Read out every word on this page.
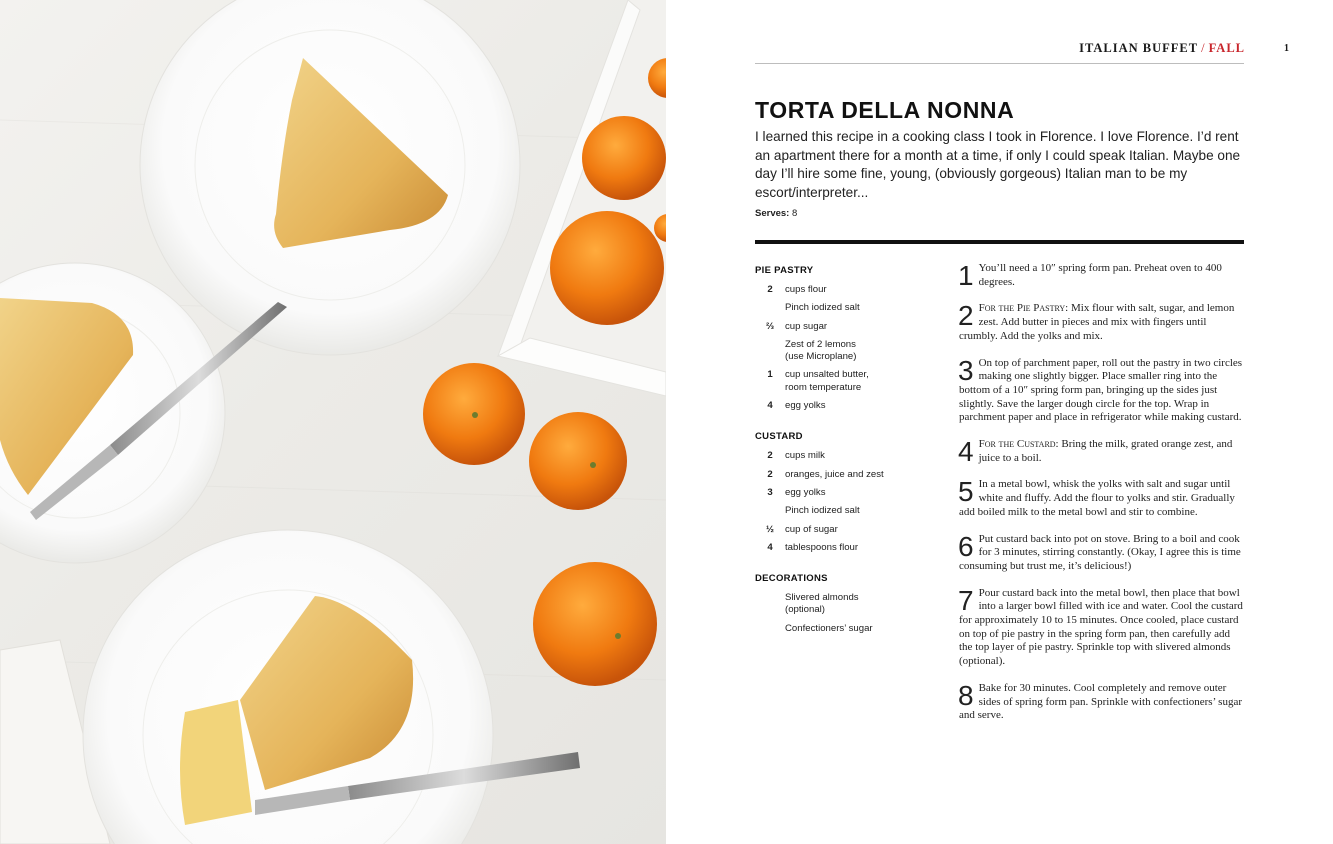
ITALIAN BUFFET / FALL	1
TORTA DELLA NONNA
I learned this recipe in a cooking class I took in Florence. I love Florence. I’d rent an apartment there for a month at a time, if only I could speak Italian. Maybe one day I’ll hire some fine, young, (obviously gorgeous) Italian man to be my escort/interpreter...
Serves: 8
PIE PASTRY
2	cups flour
Pinch iodized salt
⅔	cup sugar
Zest of 2 lemons
(use Microplane)
1	cup unsalted butter,
room temperature
4	egg yolks
CUSTARD
2	cups milk
2	oranges, juice and zest
3	egg yolks
Pinch iodized salt
½	cup of sugar
4	tablespoons flour
DECORATIONS
Slivered almonds
(optional)
Confectioners’ sugar
1 You’ll need a 10″ spring form pan. Preheat oven to 400 degrees.
2 For the Pie Pastry: Mix flour with salt, sugar, and lemon zest. Add butter in pieces and mix with fingers until crumbly. Add the yolks and mix.
3 On top of parchment paper, roll out the pastry in two circles making one slightly bigger. Place smaller ring into the bottom of a 10″ spring form pan, bringing up the sides just slightly. Save the larger dough circle for the top. Wrap in parchment paper and place in refrigerator while making custard.
4 For the Custard: Bring the milk, grated orange zest, and juice to a boil.
5 In a metal bowl, whisk the yolks with salt and sugar until white and fluffy. Add the flour to yolks and stir. Gradually add boiled milk to the metal bowl and stir to combine.
6 Put custard back into pot on stove. Bring to a boil and cook for 3 minutes, stirring constantly. (Okay, I agree this is time consuming but trust me, it’s delicious!)
7 Pour custard back into the metal bowl, then place that bowl into a larger bowl filled with ice and water. Cool the custard for approximately 10 to 15 minutes. Once cooled, place custard on top of pie pastry in the spring form pan, then carefully add the top layer of pie pastry. Sprinkle top with slivered almonds (optional).
8 Bake for 30 minutes. Cool completely and remove outer sides of spring form pan. Sprinkle with confectioners’ sugar and serve.
